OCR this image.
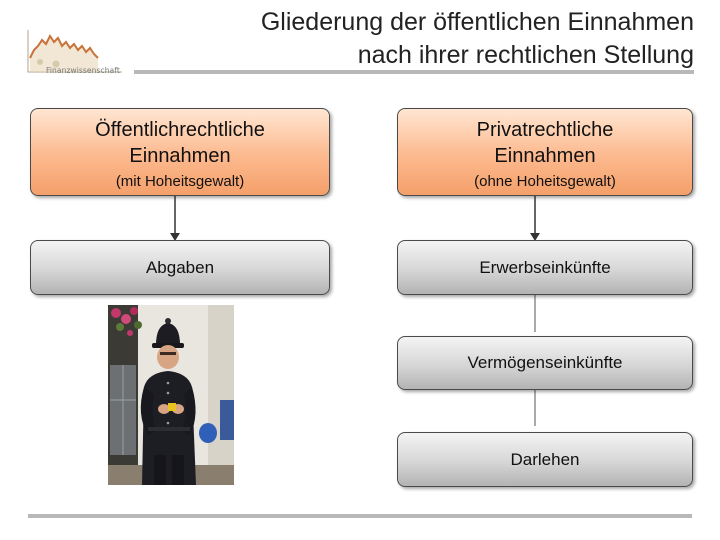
Finanzwissenschaft
Gliederung der öffentlichen Einnahmen
nach ihrer rechtlichen Stellung
Öffentlichrechtliche
Einnahmen
(mit Hoheitsgewalt)
Privatrechtliche
Einnahmen
(ohne Hoheitsgewalt)
Abgaben	Erwerbseinkünfte
Vermögenseinkünfte
Darlehen
